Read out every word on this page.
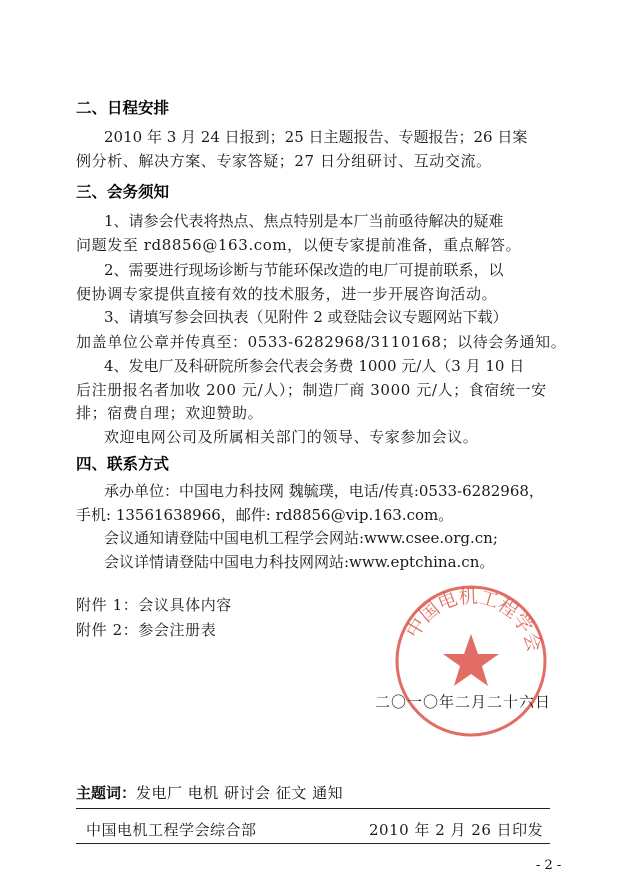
二、日程安排
2010 年 3 月 24 日报到；25 日主题报告、专题报告；26 日案
例分析、解决方案、专家答疑；27 日分组研讨、互动交流。
三、会务须知
1、请参会代表将热点、焦点特别是本厂当前亟待解决的疑难
问题发至 rd8856@163.com，以便专家提前准备，重点解答。
2、需要进行现场诊断与节能环保改造的电厂可提前联系，以
便协调专家提供直接有效的技术服务，进一步开展咨询活动。
3、请填写参会回执表（见附件 2 或登陆会议专题网站下载）
加盖单位公章并传真至：0533-6282968/3110168；以待会务通知。
4、发电厂及科研院所参会代表会务费 1000 元/人（3 月 10 日
后注册报名者加收 200 元/人）；制造厂商 3000 元/人；食宿统一安
排；宿费自理；欢迎赞助。
欢迎电网公司及所属相关部门的领导、专家参加会议。
四、联系方式
承办单位：中国电力科技网 魏毓璞，电话/传真:0533-6282968，
手机: 13561638966，邮件: rd8856@vip.163.com。
会议通知请登陆中国电机工程学会网站:www.csee.org.cn;
会议详情请登陆中国电力科技网网站:www.eptchina.cn。
附件 1：会议具体内容
附件 2：参会注册表	中国电机工程学会
二〇一〇年二月二十六日
主题词：发电厂 电机 研讨会 征文 通知
中国电机工程学会综合部	2010 年 2 月 26 日印发
- 2 -
